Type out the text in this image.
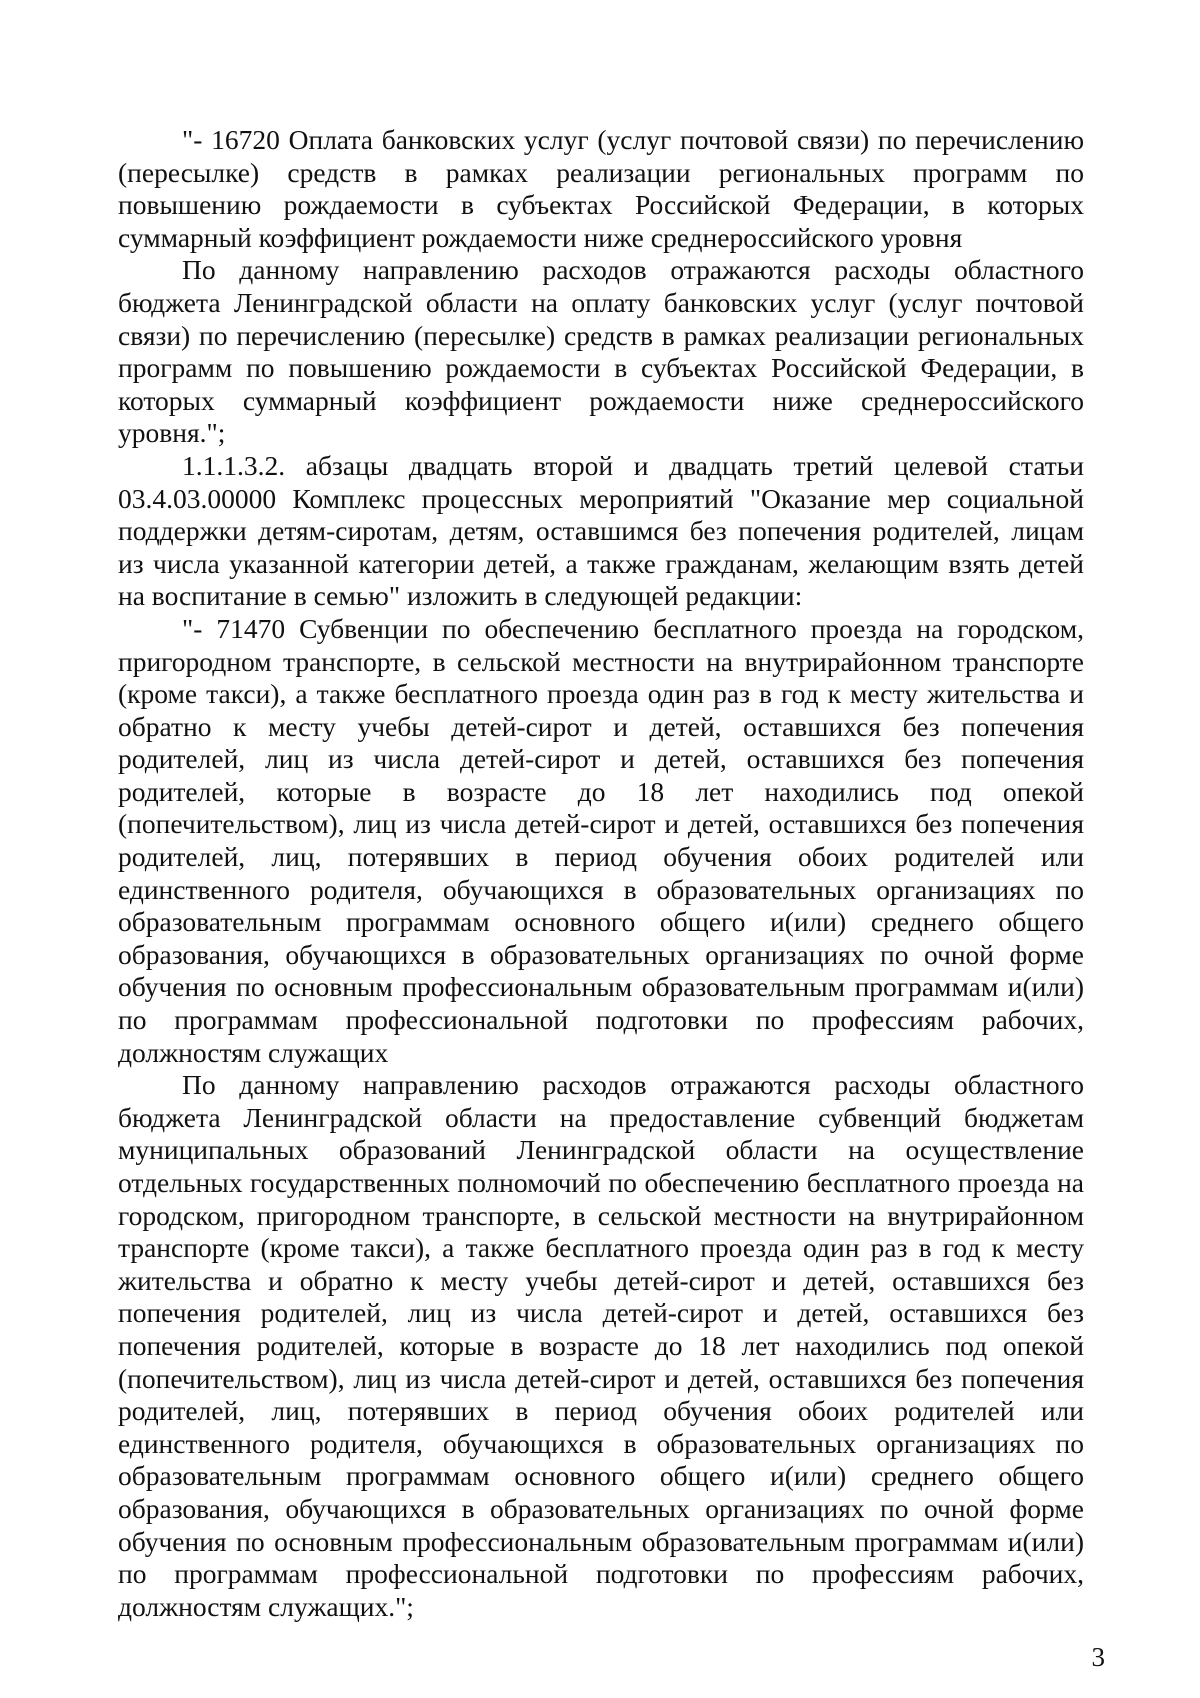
"- 16720 Оплата банковских услуг (услуг почтовой связи) по перечислению (пересылке) средств в рамках реализации региональных программ по повышению рождаемости в субъектах Российской Федерации, в которых суммарный коэффициент рождаемости ниже среднероссийского уровня

По данному направлению расходов отражаются расходы областного бюджета Ленинградской области на оплату банковских услуг (услуг почтовой связи) по перечислению (пересылке) средств в рамках реализации региональных программ по повышению рождаемости в субъектах Российской Федерации, в которых суммарный коэффициент рождаемости ниже среднероссийского уровня.";

1.1.1.3.2. абзацы двадцать второй и двадцать третий целевой статьи 03.4.03.00000 Комплекс процессных мероприятий "Оказание мер социальной поддержки детям-сиротам, детям, оставшимся без попечения родителей, лицам из числа указанной категории детей, а также гражданам, желающим взять детей на воспитание в семью" изложить в следующей редакции:

"- 71470 Субвенции по обеспечению бесплатного проезда на городском, пригородном транспорте, в сельской местности на внутрирайонном транспорте (кроме такси), а также бесплатного проезда один раз в год к месту жительства и обратно к месту учебы детей-сирот и детей, оставшихся без попечения родителей, лиц из числа детей-сирот и детей, оставшихся без попечения родителей, которые в возрасте до 18 лет находились под опекой (попечительством), лиц из числа детей-сирот и детей, оставшихся без попечения родителей, лиц, потерявших в период обучения обоих родителей или единственного родителя, обучающихся в образовательных организациях по образовательным программам основного общего и(или) среднего общего образования, обучающихся в образовательных организациях по очной форме обучения по основным профессиональным образовательным программам и(или) по программам профессиональной подготовки по профессиям рабочих, должностям служащих

По данному направлению расходов отражаются расходы областного бюджета Ленинградской области на предоставление субвенций бюджетам муниципальных образований Ленинградской области на осуществление отдельных государственных полномочий по обеспечению бесплатного проезда на городском, пригородном транспорте, в сельской местности на внутрирайонном транспорте (кроме такси), а также бесплатного проезда один раз в год к месту жительства и обратно к месту учебы детей-сирот и детей, оставшихся без попечения родителей, лиц из числа детей-сирот и детей, оставшихся без попечения родителей, которые в возрасте до 18 лет находились под опекой (попечительством), лиц из числа детей-сирот и детей, оставшихся без попечения родителей, лиц, потерявших в период обучения обоих родителей или единственного родителя, обучающихся в образовательных организациях по образовательным программам основного общего и(или) среднего общего образования, обучающихся в образовательных организациях по очной форме обучения по основным профессиональным образовательным программам и(или) по программам профессиональной подготовки по профессиям рабочих, должностям служащих.";

3
